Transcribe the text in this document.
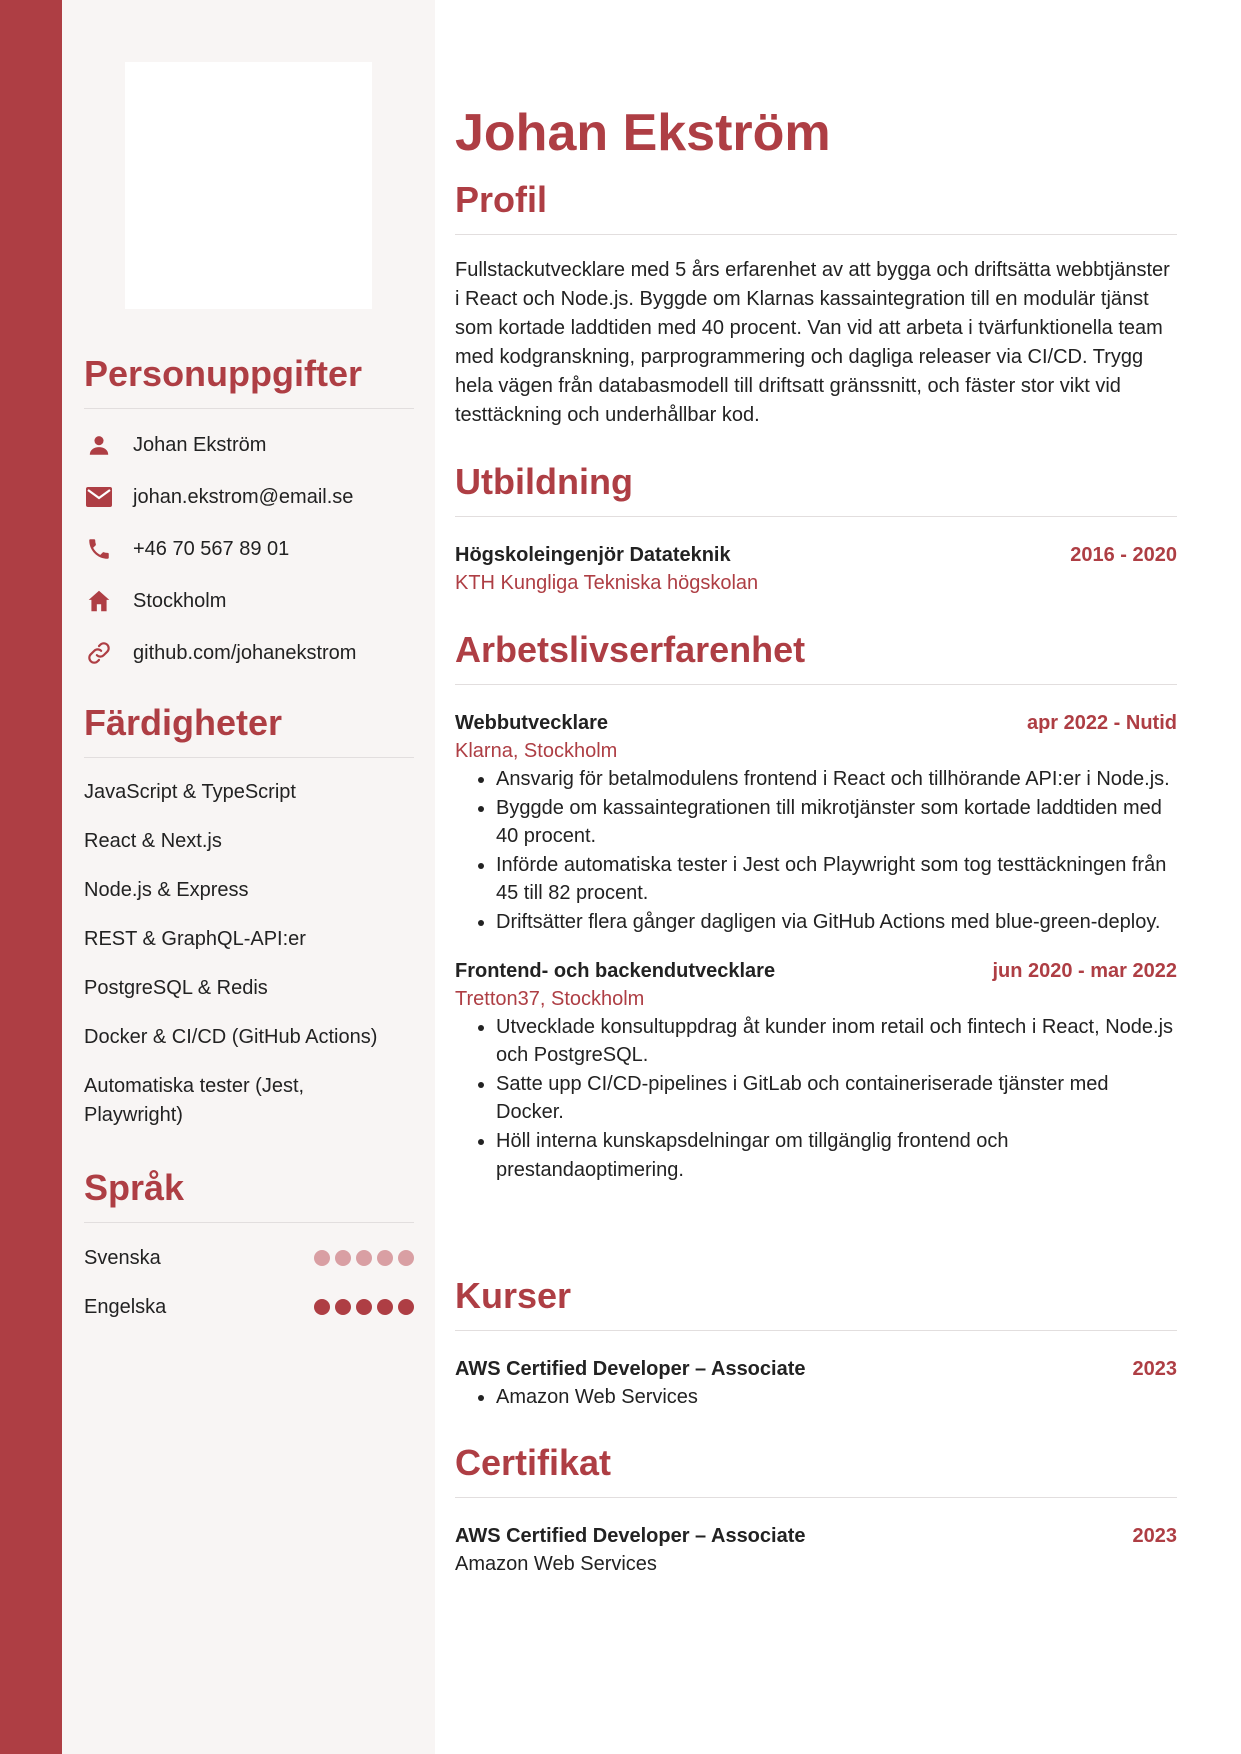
Personuppgifter
Johan Ekström
johan.ekstrom@email.se
+46 70 567 89 01
Stockholm
github.com/johanekstrom
Färdigheter
JavaScript & TypeScript
React & Next.js
Node.js & Express
REST & GraphQL-API:er
PostgreSQL & Redis
Docker & CI/CD (GitHub Actions)
Automatiska tester (Jest, Playwright)
Språk
Svenska
Engelska
Johan Ekström
Profil
Fullstackutvecklare med 5 års erfarenhet av att bygga och driftsätta webbtjänster i React och Node.js. Byggde om Klarnas kassaintegration till en modulär tjänst som kortade laddtiden med 40 procent. Van vid att arbeta i tvärfunktionella team med kodgranskning, parprogrammering och dagliga releaser via CI/CD. Trygg hela vägen från databasmodell till driftsatt gränssnitt, och fäster stor vikt vid testtäckning och underhållbar kod.
Utbildning
Högskoleingenjör Datateknik	2016 - 2020
KTH Kungliga Tekniska högskolan
Arbetslivserfarenhet
Webbutvecklare	apr 2022 - Nutid
Klarna, Stockholm
• Ansvarig för betalmodulens frontend i React och tillhörande API:er i Node.js.
• Byggde om kassaintegrationen till mikrotjänster som kortade laddtiden med 40 procent.
• Införde automatiska tester i Jest och Playwright som tog testtäckningen från 45 till 82 procent.
• Driftsätter flera gånger dagligen via GitHub Actions med blue-green-deploy.
Frontend- och backendutvecklare	jun 2020 - mar 2022
Tretton37, Stockholm
• Utvecklade konsultuppdrag åt kunder inom retail och fintech i React, Node.js och PostgreSQL.
• Satte upp CI/CD-pipelines i GitLab och containeriserade tjänster med Docker.
• Höll interna kunskapsdelningar om tillgänglig frontend och prestandaoptimering.
Kurser
AWS Certified Developer – Associate	2023
• Amazon Web Services
Certifikat
AWS Certified Developer – Associate	2023
Amazon Web Services
